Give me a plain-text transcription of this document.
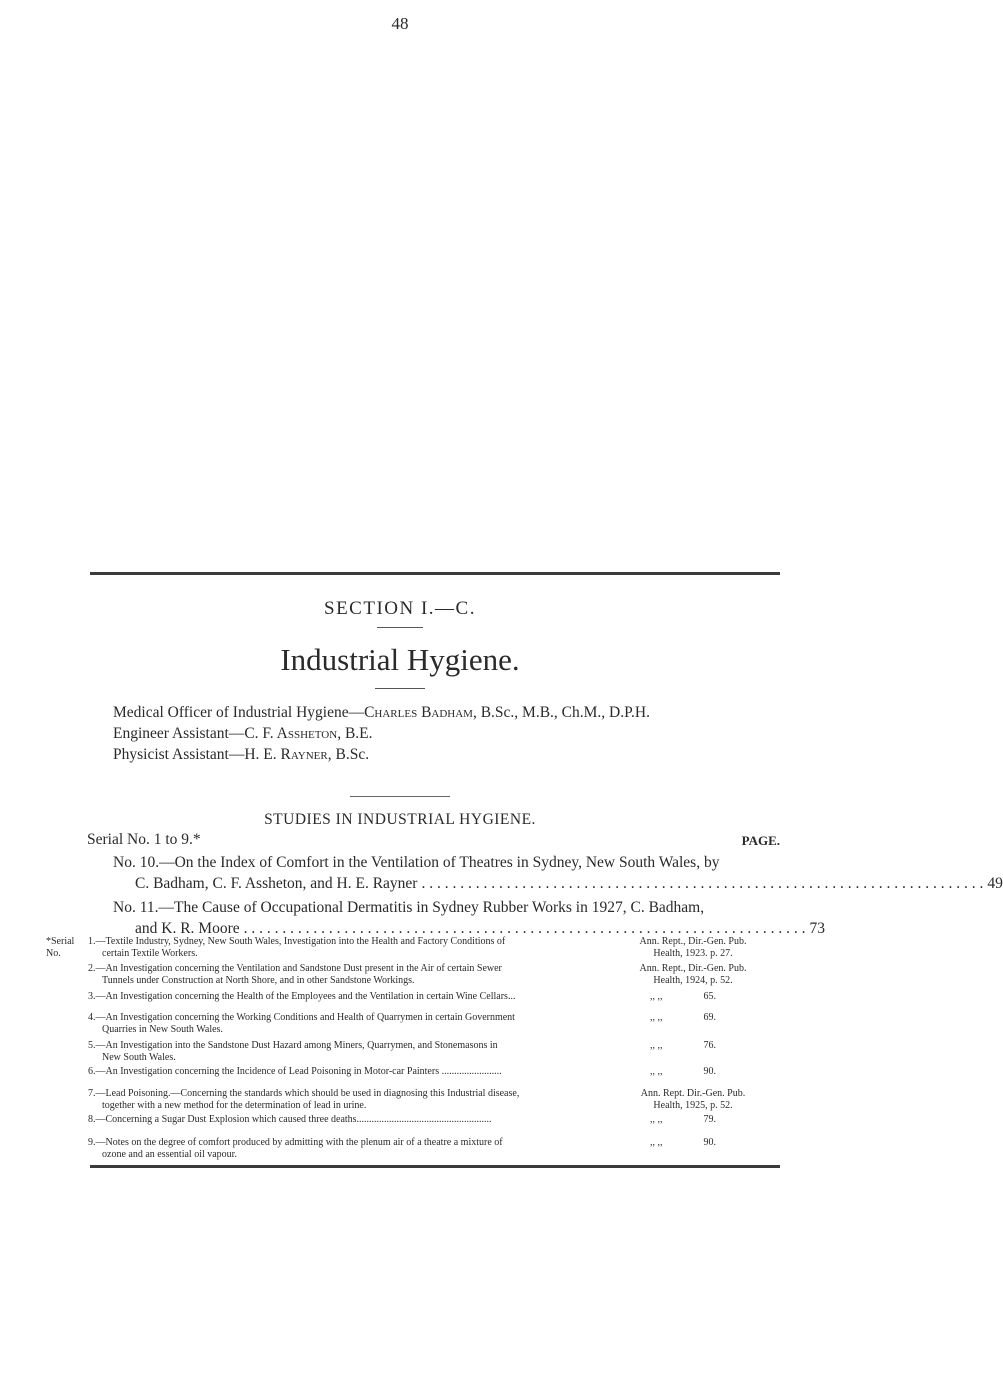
48
SECTION I.—C.
Industrial Hygiene.
Medical Officer of Industrial Hygiene—Charles Badham, B.Sc., M.B., Ch.M., D.P.H.
Engineer Assistant—C. F. Assheton, B.E.
Physicist Assistant—H. E. Rayner, B.Sc.
STUDIES IN INDUSTRIAL HYGIENE.
Serial No. 1 to 9.*	PAGE.
No. 10.—On the Index of Comfort in the Ventilation of Theatres in Sydney, New South Wales, by
C. Badham, C. F. Assheton, and H. E. Rayner . . . . . . . . . . . . . . . . . . . . . . . . . . . . . . . . . . . . . . . . . . . . . . . . . . . . . . . . . . . . . . . . . . . . . . . . . 49
No. 11.—The Cause of Occupational Dermatitis in Sydney Rubber Works in 1927, C. Badham,
and K. R. Moore . . . . . . . . . . . . . . . . . . . . . . . . . . . . . . . . . . . . . . . . . . . . . . . . . . . . . . . . . . . . . . . . . . . . . . . . . 73
*Serial No.
1.—Textile Industry, Sydney, New South Wales, Investigation into the Health and Factory Conditions of
certain Textile Workers.
Ann. Rept., Dir.-Gen. Pub.
Health, 1923. p. 27.
2.—An Investigation concerning the Ventilation and Sandstone Dust present in the Air of certain Sewer
Tunnels under Construction at North Shore, and in other Sandstone Workings.
Ann. Rept., Dir.-Gen. Pub.
Health, 1924, p. 52.
3.—An Investigation concerning the Health of the Employees and the Ventilation in certain Wine Cellars...	,, ,,	65.
4.—An Investigation concerning the Working Conditions and Health of Quarrymen in certain Government
Quarries in New South Wales.
,, ,,	69.
5.—An Investigation into the Sandstone Dust Hazard among Miners, Quarrymen, and Stonemasons in
New South Wales.
,, ,,	76.
6.—An Investigation concerning the Incidence of Lead Poisoning in Motor-car Painters ........................	,, ,,	90.
7.—Lead Poisoning.—Concerning the standards which should be used in diagnosing this Industrial disease,
together with a new method for the determination of lead in urine.
Ann. Rept. Dir.-Gen. Pub.
Health, 1925, p. 52.
8.—Concerning a Sugar Dust Explosion which caused three deaths......................................................	,, ,,	79.
9.—Notes on the degree of comfort produced by admitting with the plenum air of a theatre a mixture of
ozone and an essential oil vapour.
,, ,,	90.
